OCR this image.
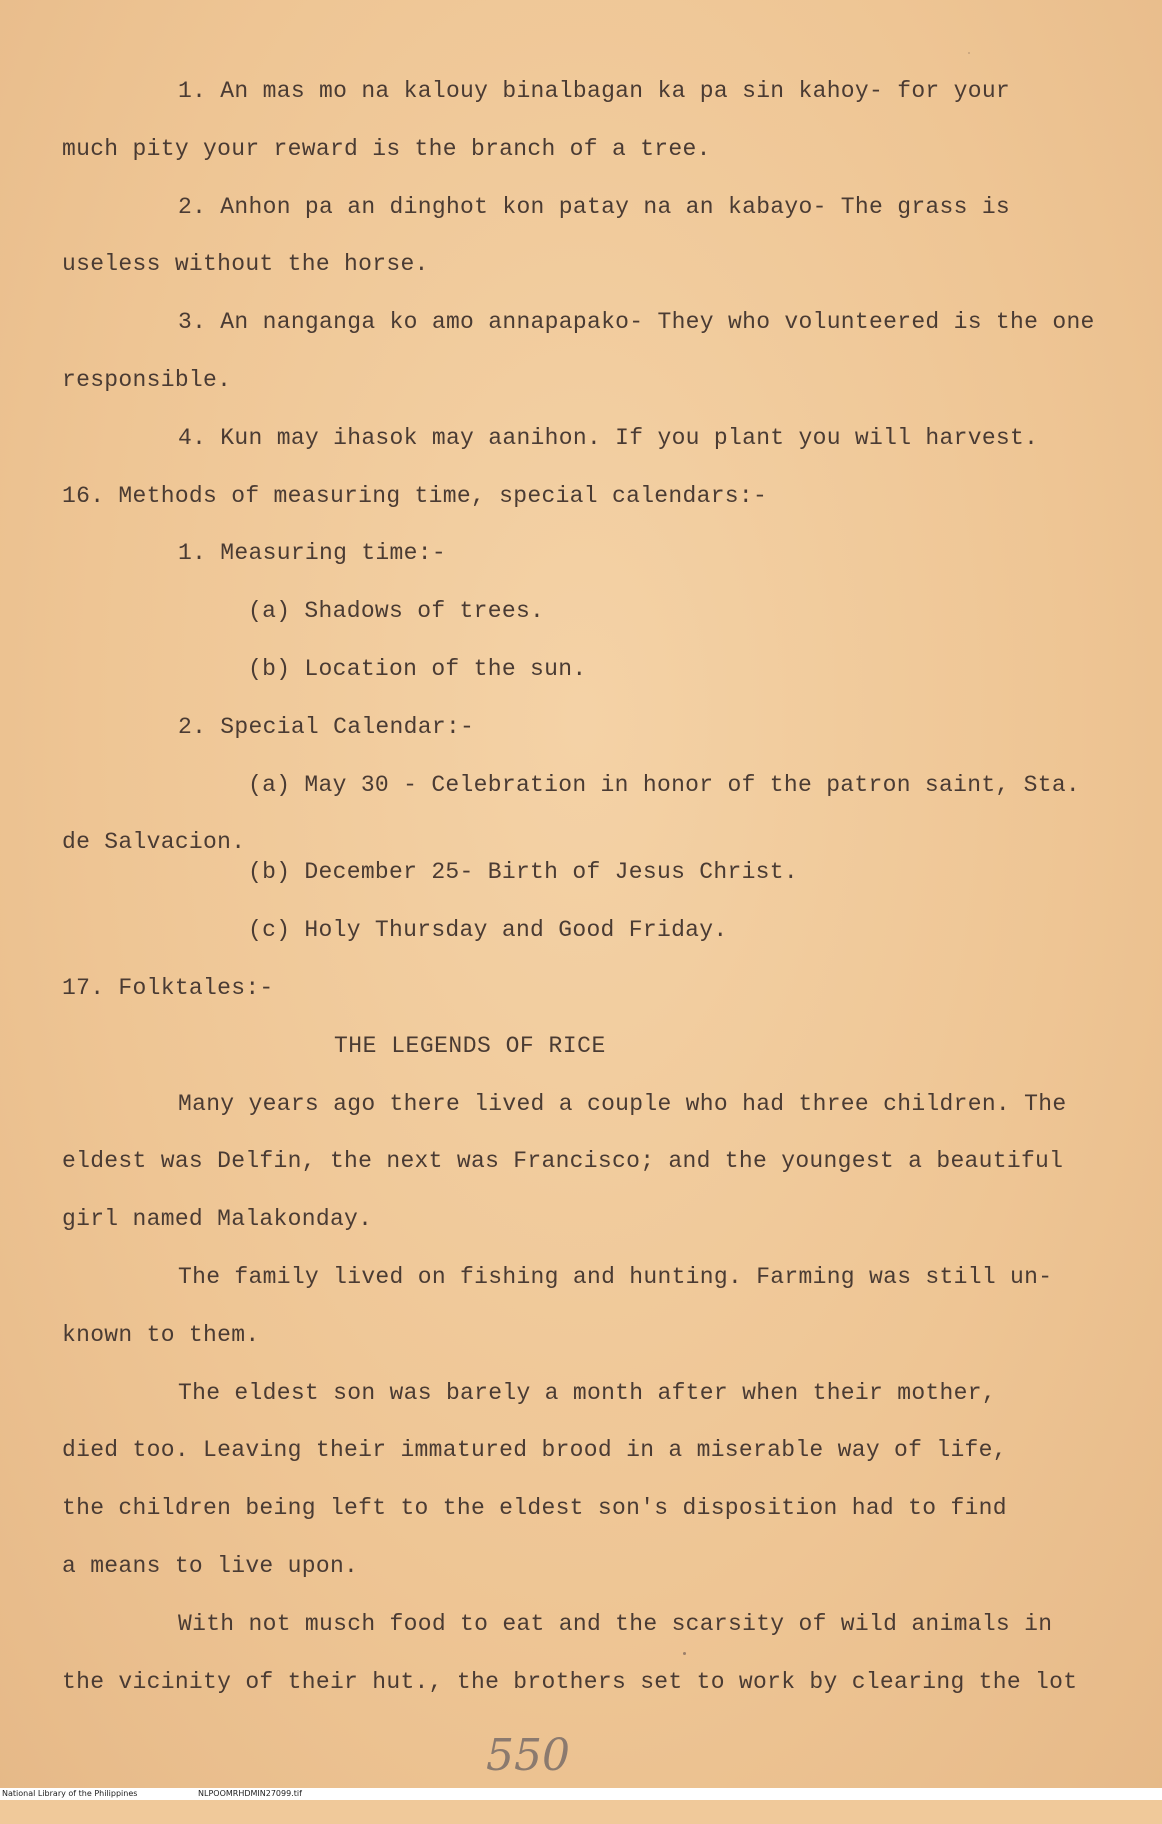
1. An mas mo na kalouy binalbagan ka pa sin kahoy- for your
much pity your reward is the branch of a tree.
2. Anhon pa an dinghot kon patay na an kabayo- The grass is
useless without the horse.
3. An nanganga ko amo annapapako- They who volunteered is the one
responsible.
4. Kun may ihasok may aanihon. If you plant you will harvest.
16. Methods of measuring time, special calendars:-
1. Measuring time:-
(a) Shadows of trees.
(b) Location of the sun.
2. Special Calendar:-
(a) May 30 - Celebration in honor of the patron saint, Sta.
de Salvacion.
(b) December 25- Birth of Jesus Christ.
(c) Holy Thursday and Good Friday.
17. Folktales:-
THE LEGENDS OF RICE
Many years ago there lived a couple who had three children. The
eldest was Delfin, the next was Francisco; and the youngest a beautiful
girl named Malakonday.
The family lived on fishing and hunting. Farming was still un-
known to them.
The eldest son was barely a month after when their mother,
died too. Leaving their immatured brood in a miserable way of life,
the children being left to the eldest son's disposition had to find
a means to live upon.
With not musch food to eat and the scarsity of wild animals in
the vicinity of their hut., the brothers set to work by clearing the lot
550

National Library of the Philippines

	NLPOOMRHDMIN27099.tif
